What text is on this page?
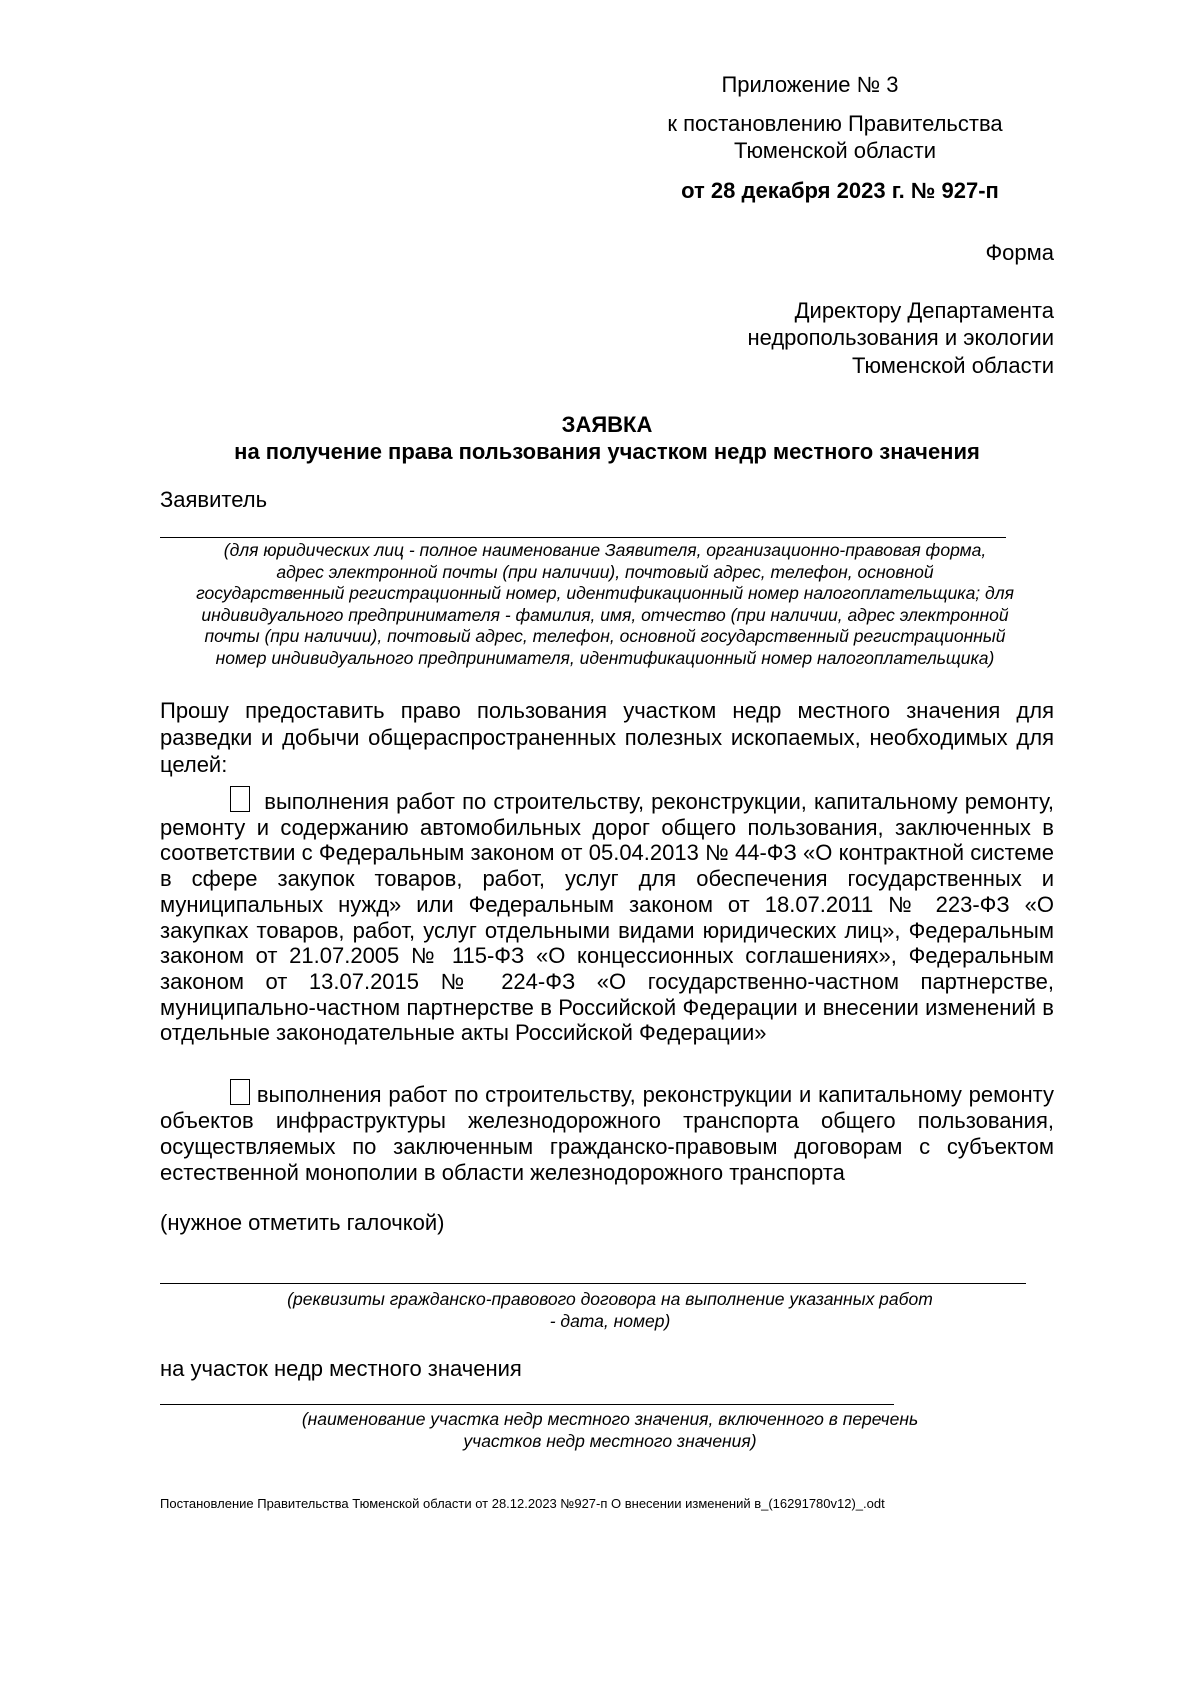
Приложение № 3
к постановлению Правительства
Тюменской области
от 28 декабря 2023 г. № 927-п
Форма
Директору Департамента
недропользования и экологии
Тюменской области
ЗАЯВКА
на получение права пользования участком недр местного значения
Заявитель
(для юридических лиц - полное наименование Заявителя, организационно-правовая форма,
адрес электронной почты (при наличии), почтовый адрес, телефон, основной
государственный регистрационный номер, идентификационный номер налогоплательщика; для
индивидуального предпринимателя - фамилия, имя, отчество (при наличии, адрес электронной
почты (при наличии), почтовый адрес, телефон, основной государственный регистрационный
номер индивидуального предпринимателя, идентификационный номер налогоплательщика)
Прошу предоставить право пользования участком недр местного значения для разведки и добычи общераспространенных полезных ископаемых, необходимых для целей:
выполнения работ по строительству, реконструкции, капитальному ремонту, ремонту и содержанию автомобильных дорог общего пользования, заключенных в соответствии с Федеральным законом от 05.04.2013 № 44-ФЗ «О контрактной системе в сфере закупок товаров, работ, услуг для обеспечения государственных и муниципальных нужд» или Федеральным законом от 18.07.2011 № 223-ФЗ «О закупках товаров, работ, услуг отдельными видами юридических лиц», Федеральным законом от 21.07.2005 № 115-ФЗ «О концессионных соглашениях», Федеральным законом от 13.07.2015 № 224-ФЗ «О государственно-частном партнерстве, муниципально-частном партнерстве в Российской Федерации и внесении изменений в отдельные законодательные акты Российской Федерации»
выполнения работ по строительству, реконструкции и капитальному ремонту объектов инфраструктуры железнодорожного транспорта общего пользования, осуществляемых по заключенным гражданско-правовым договорам с субъектом естественной монополии в области железнодорожного транспорта
(нужное отметить галочкой)
(реквизиты гражданско-правового договора на выполнение указанных работ
- дата, номер)
на участок недр местного значения
(наименование участка недр местного значения, включенного в перечень
участков недр местного значения)
Постановление Правительства Тюменской области от 28.12.2023 №927-п О внесении изменений в_(16291780v12)_.odt
